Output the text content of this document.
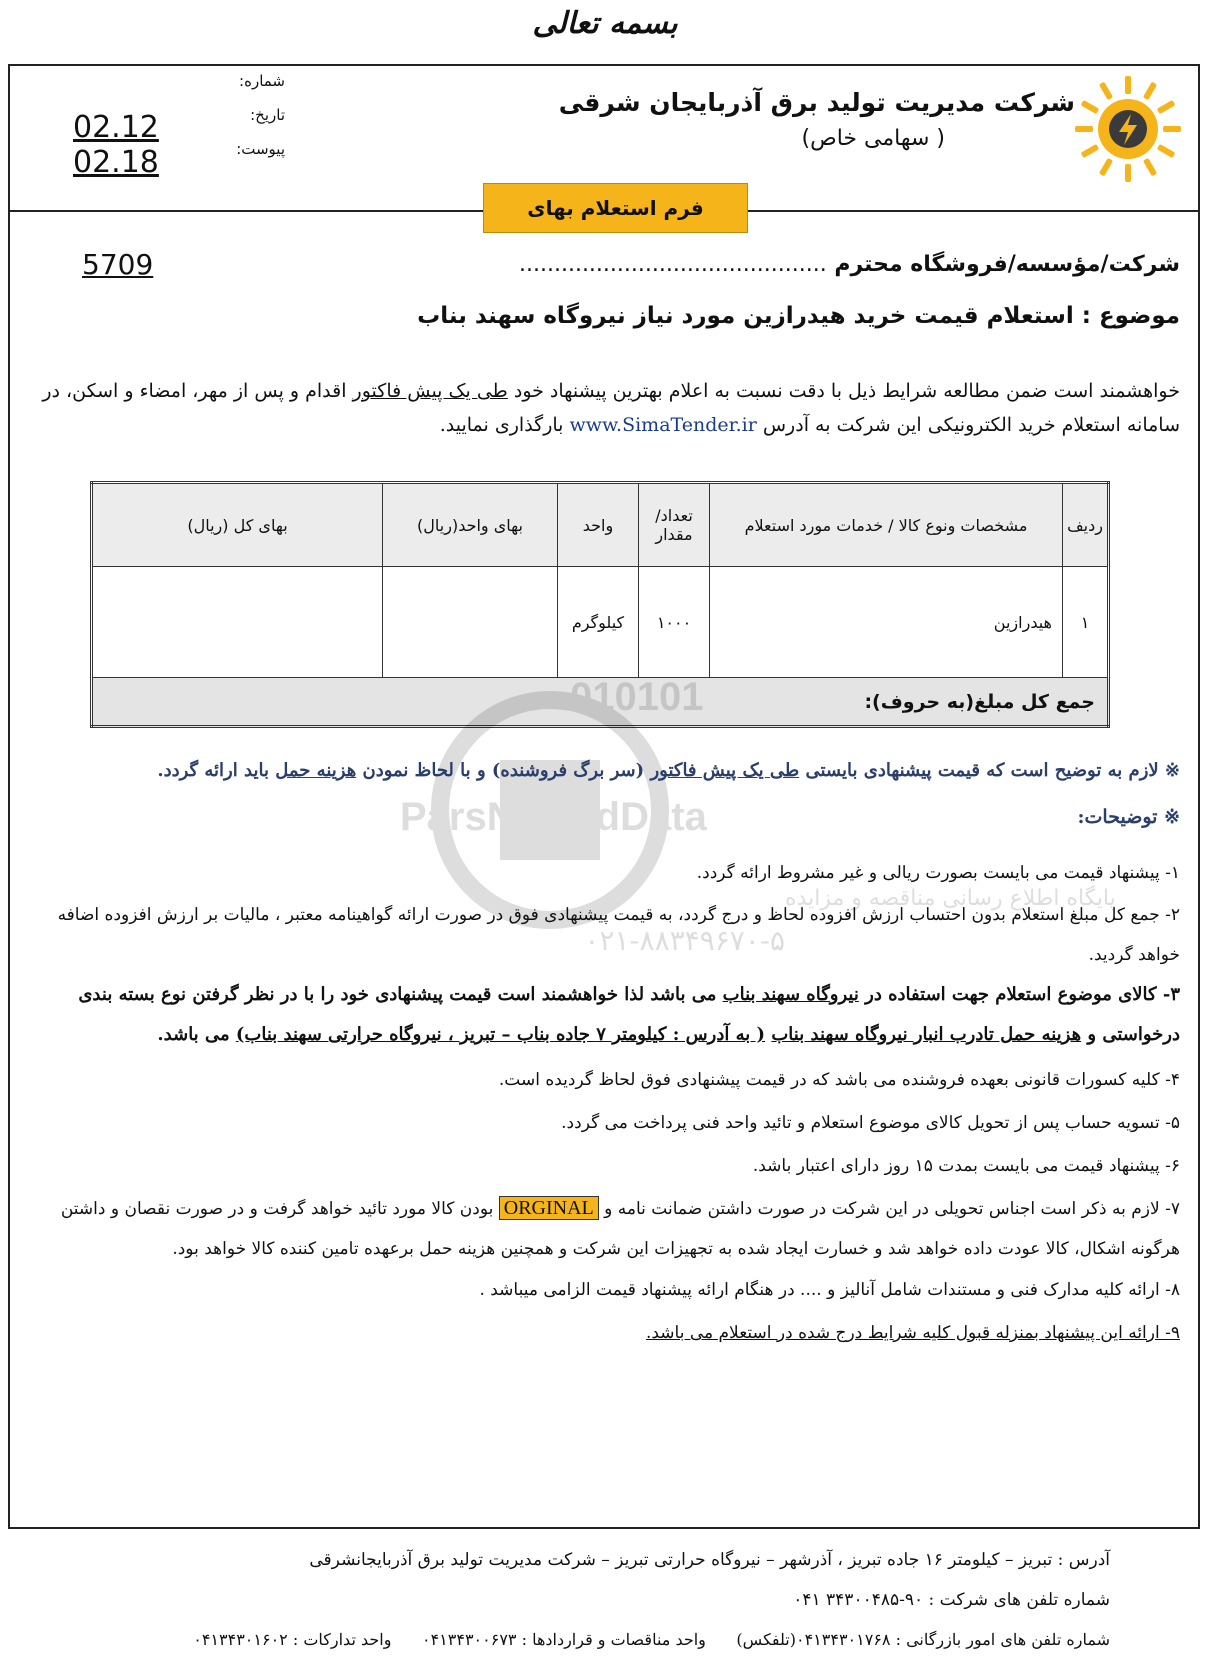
بسمه تعالی
شرکت مدیریت تولید برق آذربایجان شرقی
( سهامی خاص)
شماره:
تاریخ:
پیوست:
02.12
02.18
فرم استعلام بهای
5709	شرکت/مؤسسه/فروشگاه محترم ............................................
موضوع : استعلام قیمت خرید هیدرازین مورد نیاز نیروگاه سهند بناب
خواهشمند است ضمن مطالعه شرایط ذیل با دقت نسبت به اعلام بهترین پیشنهاد خود طی یک پیش فاکتور اقدام و پس از مهر، امضاء و اسکن، در سامانه استعلام خرید الکترونیکی این شرکت به آدرس www.SimaTender.ir بارگذاری نمایید.
ردیف	مشخصات ونوع کالا / خدمات مورد استعلام	تعداد/ مقدار	واحد	بهای واحد(ریال)	بهای کل (ریال)
۱	هیدرازین	۱۰۰۰	کیلوگرم		
جمع کل مبلغ(به حروف):					
010101
ParsNamadData
پایگاه اطلاع رسانی مناقصه و مزایده
۰۲۱-۸۸۳۴۹۶۷۰-۵
※ لازم به توضیح است که قیمت پیشنهادی بایستی طی یک پیش فاکتور (سر برگ فروشنده) و با لحاظ نمودن هزینه حمل باید ارائه گردد.
※ توضیحات:
۱- پیشنهاد قیمت می بایست بصورت ریالی و غیر مشروط ارائه گردد.
۲- جمع کل مبلغ استعلام بدون احتساب ارزش افزوده لحاظ و درج گردد، به قیمت پیشنهادی فوق در صورت ارائه گواهینامه معتبر ، مالیات بر ارزش افزوده اضافه خواهد گردید.
۳- کالای موضوع استعلام جهت استفاده در نیروگاه سهند بناب می باشد لذا خواهشمند است قیمت پیشنهادی خود را با در نظر گرفتن نوع بسته بندی درخواستی و هزینه حمل تادرب انبار نیروگاه سهند بناب ( به آدرس : کیلومتر ۷ جاده بناب – تبریز ، نیروگاه حرارتی سهند بناب) می باشد.
۴- کلیه کسورات قانونی بعهده فروشنده می باشد که در قیمت پیشنهادی فوق لحاظ گردیده است.
۵- تسویه حساب پس از تحویل کالای موضوع استعلام و تائید واحد فنی پرداخت می گردد.
۶- پیشنهاد قیمت می بایست بمدت ۱۵ روز دارای اعتبار باشد.
۷- لازم به ذکر است اجناس تحویلی در این شرکت در صورت داشتن ضمانت نامه و ORGINAL بودن کالا مورد تائید خواهد گرفت و در صورت نقصان و داشتن هرگونه اشکال، کالا عودت داده خواهد شد و خسارت ایجاد شده به تجهیزات این شرکت و همچنین هزینه حمل برعهده تامین کننده کالا خواهد بود.
۸- ارائه کلیه مدارک فنی و مستندات شامل آنالیز و .... در هنگام ارائه پیشنهاد قیمت الزامی میباشد .
۹- ارائه این پیشنهاد بمنزله قبول کلیه شرایط درج شده در استعلام می باشد.
آدرس : تبریز – کیلومتر ۱۶ جاده تبریز ، آذرشهر – نیروگاه حرارتی تبریز – شرکت مدیریت تولید برق آذربایجانشرقی
شماره تلفن های شرکت : ۹۰-۳۴۳۰۰۴۸۵ ۰۴۱
شماره تلفن های امور بازرگانی : ۰۴۱۳۴۳۰۱۷۶۸(تلفکس)      واحد مناقصات و قراردادها : ۰۴۱۳۴۳۰۰۶۷۳      واحد تدارکات : ۰۴۱۳۴۳۰۱۶۰۲
